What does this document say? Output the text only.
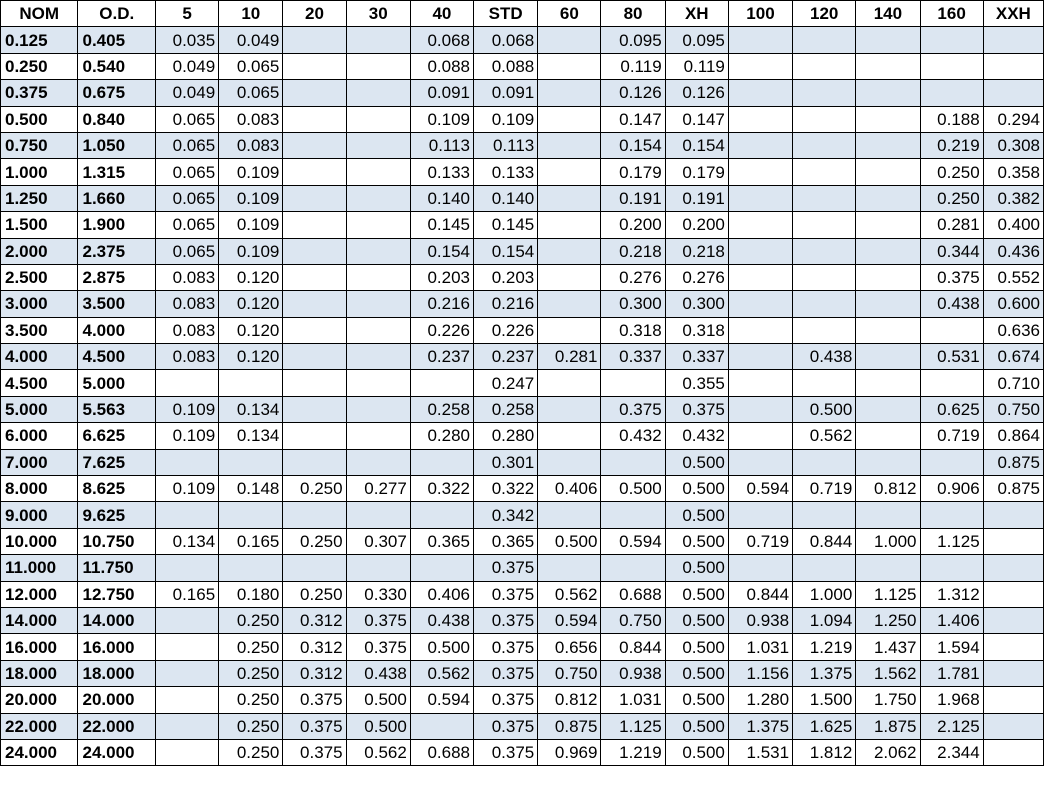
NOM	O.D.	5	10	20	30	40	STD	60	80	XH	100	120	140	160	XXH
0.125	0.405	0.035	0.049			0.068	0.068		0.095	0.095					
0.250	0.540	0.049	0.065			0.088	0.088		0.119	0.119					
0.375	0.675	0.049	0.065			0.091	0.091		0.126	0.126					
0.500	0.840	0.065	0.083			0.109	0.109		0.147	0.147				0.188	0.294
0.750	1.050	0.065	0.083			0.113	0.113		0.154	0.154				0.219	0.308
1.000	1.315	0.065	0.109			0.133	0.133		0.179	0.179				0.250	0.358
1.250	1.660	0.065	0.109			0.140	0.140		0.191	0.191				0.250	0.382
1.500	1.900	0.065	0.109			0.145	0.145		0.200	0.200				0.281	0.400
2.000	2.375	0.065	0.109			0.154	0.154		0.218	0.218				0.344	0.436
2.500	2.875	0.083	0.120			0.203	0.203		0.276	0.276				0.375	0.552
3.000	3.500	0.083	0.120			0.216	0.216		0.300	0.300				0.438	0.600
3.500	4.000	0.083	0.120			0.226	0.226		0.318	0.318					0.636
4.000	4.500	0.083	0.120			0.237	0.237	0.281	0.337	0.337		0.438		0.531	0.674
4.500	5.000						0.247			0.355					0.710
5.000	5.563	0.109	0.134			0.258	0.258		0.375	0.375		0.500		0.625	0.750
6.000	6.625	0.109	0.134			0.280	0.280		0.432	0.432		0.562		0.719	0.864
7.000	7.625						0.301			0.500					0.875
8.000	8.625	0.109	0.148	0.250	0.277	0.322	0.322	0.406	0.500	0.500	0.594	0.719	0.812	0.906	0.875
9.000	9.625						0.342			0.500					
10.000	10.750	0.134	0.165	0.250	0.307	0.365	0.365	0.500	0.594	0.500	0.719	0.844	1.000	1.125	
11.000	11.750						0.375			0.500					
12.000	12.750	0.165	0.180	0.250	0.330	0.406	0.375	0.562	0.688	0.500	0.844	1.000	1.125	1.312	
14.000	14.000		0.250	0.312	0.375	0.438	0.375	0.594	0.750	0.500	0.938	1.094	1.250	1.406	
16.000	16.000		0.250	0.312	0.375	0.500	0.375	0.656	0.844	0.500	1.031	1.219	1.437	1.594	
18.000	18.000		0.250	0.312	0.438	0.562	0.375	0.750	0.938	0.500	1.156	1.375	1.562	1.781	
20.000	20.000		0.250	0.375	0.500	0.594	0.375	0.812	1.031	0.500	1.280	1.500	1.750	1.968	
22.000	22.000		0.250	0.375	0.500		0.375	0.875	1.125	0.500	1.375	1.625	1.875	2.125	
24.000	24.000		0.250	0.375	0.562	0.688	0.375	0.969	1.219	0.500	1.531	1.812	2.062	2.344	
